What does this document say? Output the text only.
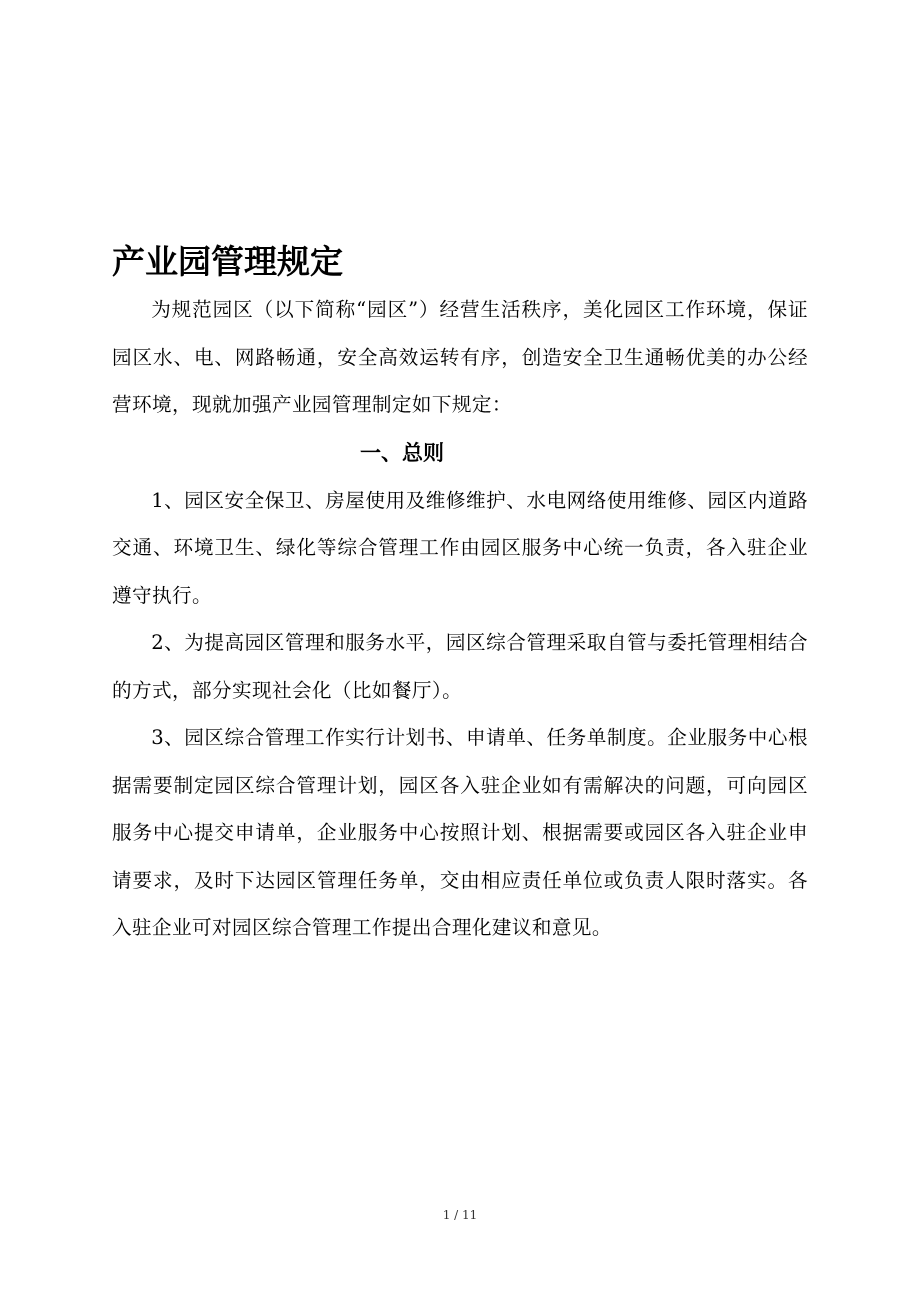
产业园管理规定

为规范园区（以下简称“园区”）经营生活秩序，美化园区工作环境，保证园区水、电、网路畅通，安全高效运转有序，创造安全卫生通畅优美的办公经营环境，现就加强产业园管理制定如下规定：

一、总则

1、园区安全保卫、房屋使用及维修维护、水电网络使用维修、园区内道路交通、环境卫生、绿化等综合管理工作由园区服务中心统一负责，各入驻企业遵守执行。

2、为提高园区管理和服务水平，园区综合管理采取自管与委托管理相结合的方式，部分实现社会化（比如餐厅）。

3、园区综合管理工作实行计划书、申请单、任务单制度。企业服务中心根据需要制定园区综合管理计划，园区各入驻企业如有需解决的问题，可向园区服务中心提交申请单，企业服务中心按照计划、根据需要或园区各入驻企业申请要求，及时下达园区管理任务单，交由相应责任单位或负责人限时落实。各入驻企业可对园区综合管理工作提出合理化建议和意见。

1 / 11
